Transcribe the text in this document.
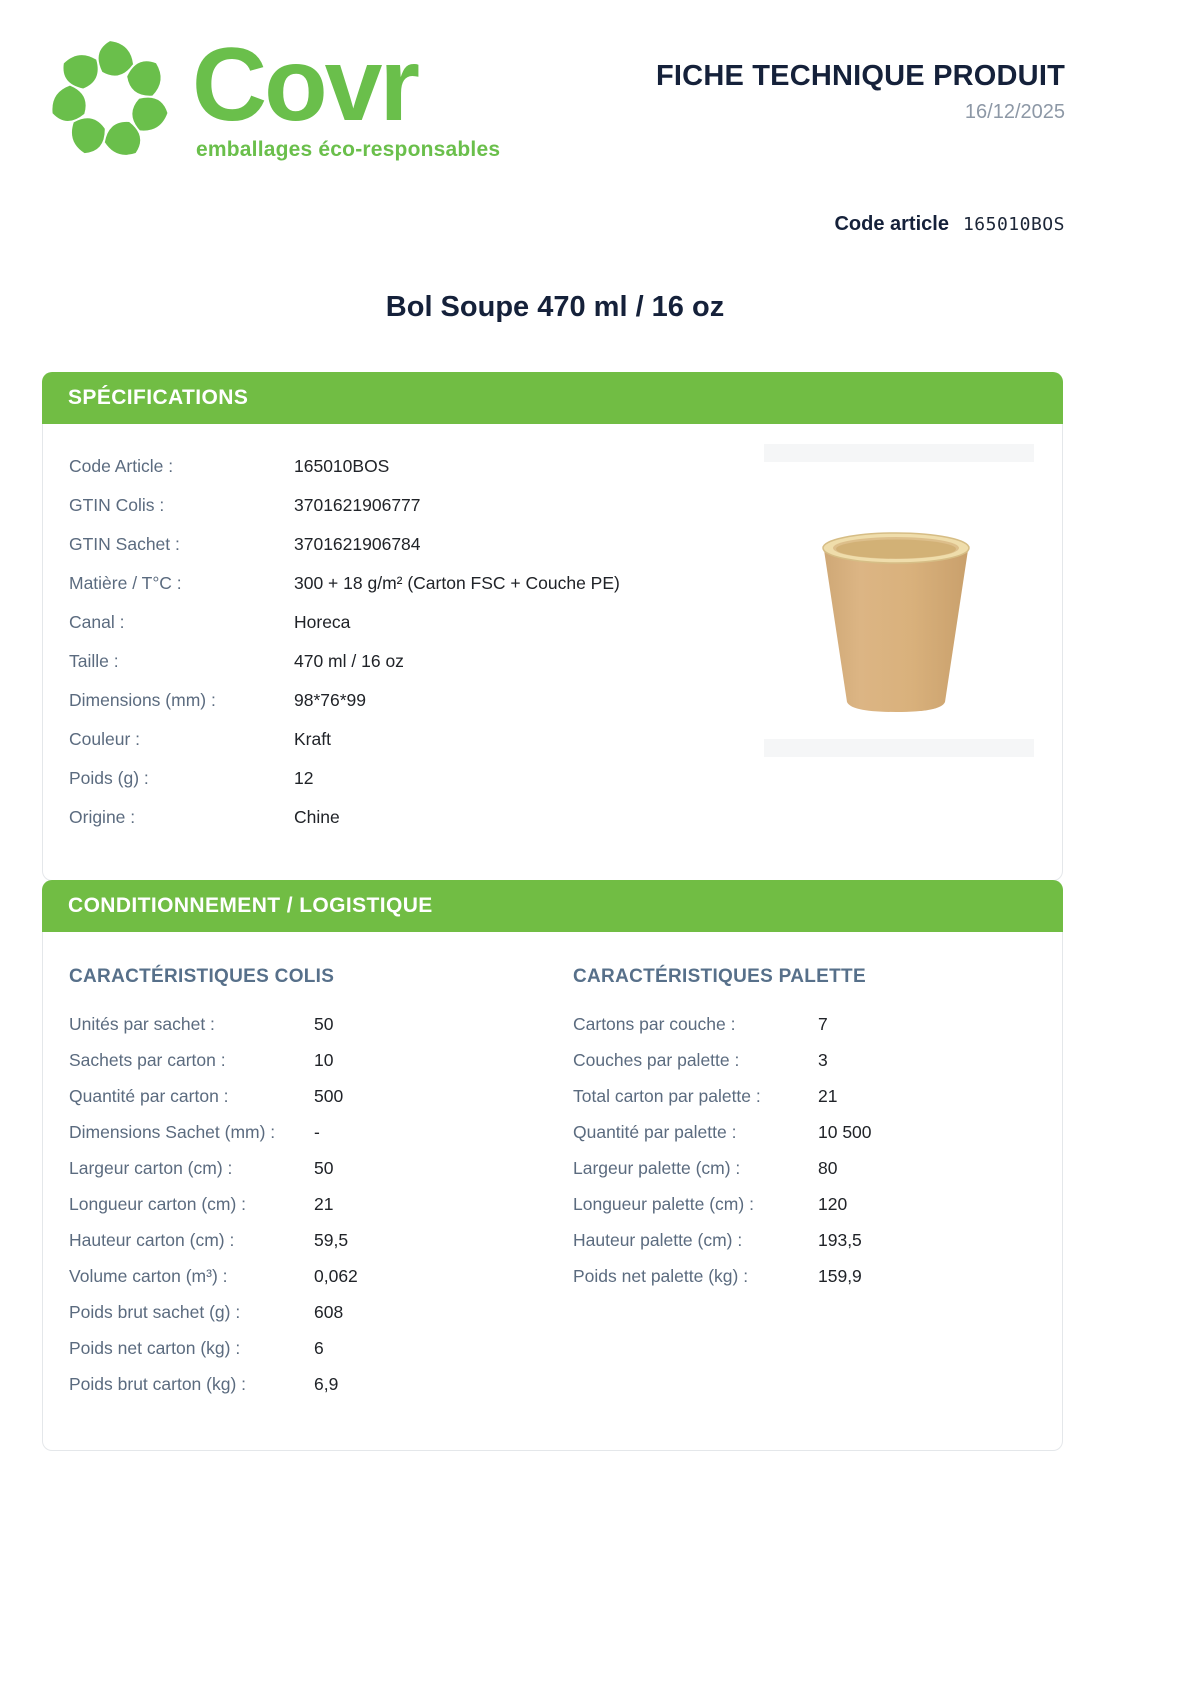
Covr
emballages éco-responsables
FICHE TECHNIQUE PRODUIT
16/12/2025
Code article 165010BOS
Bol Soupe 470 ml / 16 oz
SPÉCIFICATIONS
Code Article :	165010BOS
GTIN Colis :	3701621906777
GTIN Sachet :	3701621906784
Matière / T°C :	300 + 18 g/m² (Carton FSC + Couche PE)
Canal :	Horeca
Taille :	470 ml / 16 oz
Dimensions (mm) :	98*76*99
Couleur :	Kraft
Poids (g) :	12
Origine :	Chine
CONDITIONNEMENT / LOGISTIQUE
CARACTÉRISTIQUES COLIS
Unités par sachet :	50
Sachets par carton :	10
Quantité par carton :	500
Dimensions Sachet (mm) :	-
Largeur carton (cm) :	50
Longueur carton (cm) :	21
Hauteur carton (cm) :	59,5
Volume carton (m³) :	0,062
Poids brut sachet (g) :	608
Poids net carton (kg) :	6
Poids brut carton (kg) :	6,9
CARACTÉRISTIQUES PALETTE
Cartons par couche :	7
Couches par palette :	3
Total carton par palette :	21
Quantité par palette :	10 500
Largeur palette (cm) :	80
Longueur palette (cm) :	120
Hauteur palette (cm) :	193,5
Poids net palette (kg) :	159,9
